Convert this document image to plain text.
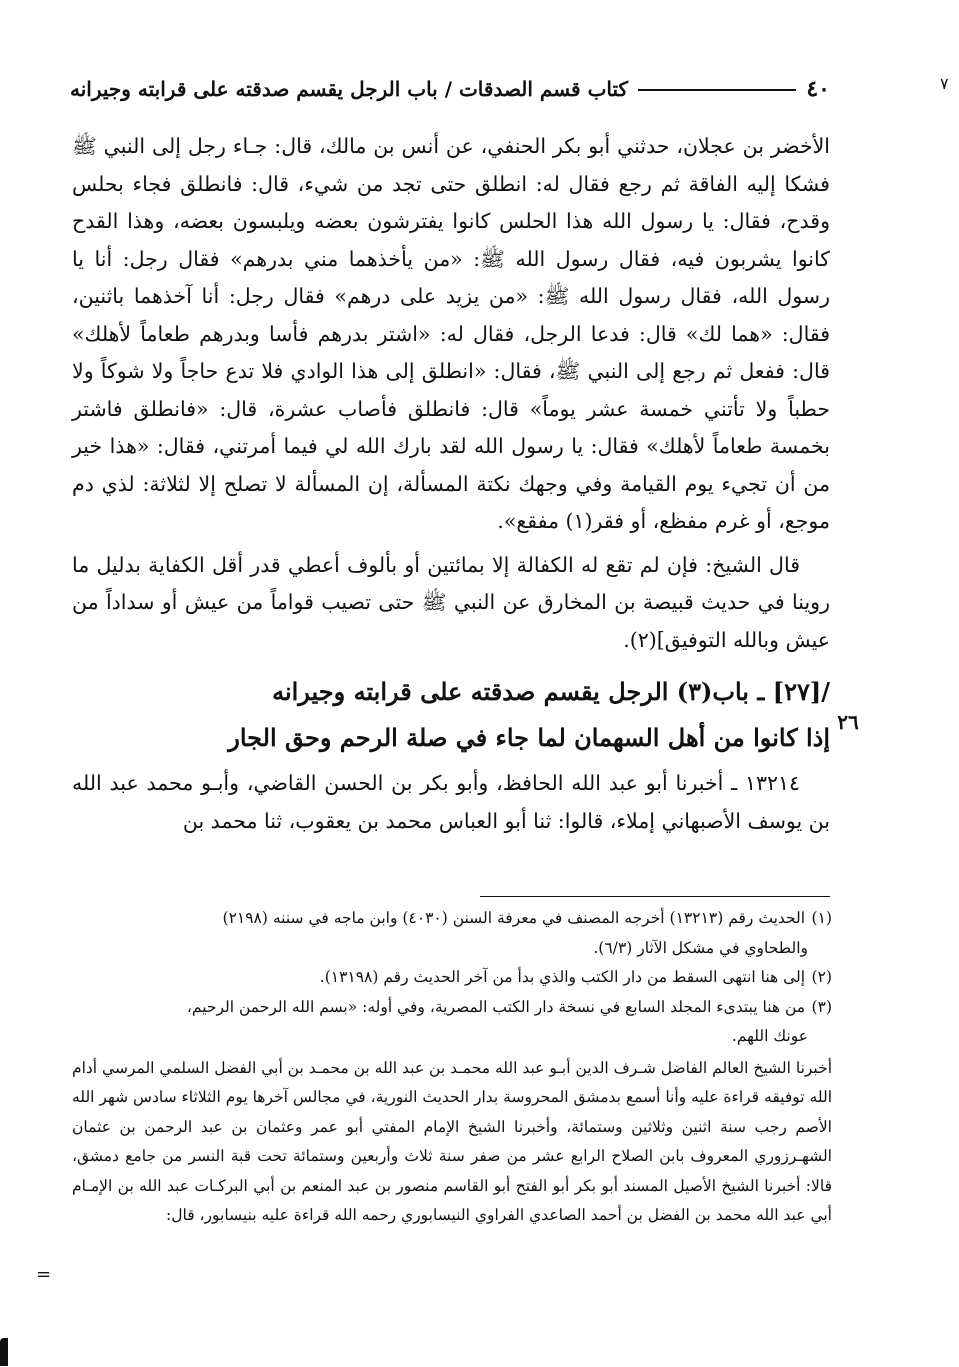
٤٠
كتاب قسم الصدقات / باب الرجل يقسم صدقته على قرابته وجيرانه	٧

الأخضر بن عجلان، حدثني أبو بكر الحنفي، عن أنس بن مالك، قال: جـاء رجل إلى النبي ﷺ فشكا إليه الفاقة ثم رجع فقال له: انطلق حتى تجد من شيء، قال: فانطلق فجاء بحلس وقدح، فقال: يا رسول الله هذا الحلس كانوا يفترشون بعضه ويلبسون بعضه، وهذا القدح كانوا يشربون فيه، فقال رسول الله ﷺ: «من يأخذهما مني بدرهم» فقال رجل: أنا يا رسول الله، فقال رسول الله ﷺ: «من يزيد على درهم» فقال رجل: أنا آخذهما باثنين، فقال: «هما لك» قال: فدعا الرجل، فقال له: «اشتر بدرهم فأسا وبدرهم طعاماً لأهلك» قال: ففعل ثم رجع إلى النبي ﷺ، فقال: «انطلق إلى هذا الوادي فلا تدع حاجاً ولا شوكاً ولا حطباً ولا تأتني خمسة عشر يوماً» قال: فانطلق فأصاب عشرة، قال: «فانطلق فاشتر بخمسة طعاماً لأهلك» فقال: يا رسول الله لقد بارك الله لي فيما أمرتني، فقال: «هذا خير من أن تجيء يوم القيامة وفي وجهك نكتة المسألة، إن المسألة لا تصلح إلا لثلاثة: لذي دم موجع، أو غرم مفظع، أو فقر(١) مفقع».

قال الشيخ: فإن لم تقع له الكفالة إلا بمائتين أو بألوف أعطي قدر أقل الكفاية بدليل ما روينا في حديث قبيصة بن المخارق عن النبي ﷺ حتى تصيب قواماً من عيش أو سداداً من عيش وبالله التوفيق](٢).

/[٢٧] ـ باب(٣) الرجل يقسم صدقته على قرابته وجيرانه
إذا كانوا من أهل السهمان لما جاء في صلة الرحم وحق الجار

١٣٢١٤ ـ أخبرنا أبو عبد الله الحافظ، وأبو بكر بن الحسن القاضي، وأبـو محمد عبد الله بن يوسف الأصبهاني إملاء، قالوا: ثنا أبو العباس محمد بن يعقوب، ثنا محمد بن

٢٦

(١) الحديث رقم (١٣٢١٣) أخرجه المصنف في معرفة السنن (٤٠٣٠) وابن ماجه في سننه (٢١٩٨)

والطحاوي في مشكل الآثار (٦/٣).

(٢) إلى هنا انتهى السقط من دار الكتب والذي بدأ من آخر الحديث رقم (١٣١٩٨).

(٣) من هنا يبتدىء المجلد السابع في نسخة دار الكتب المصرية، وفي أوله: «بسم الله الرحمن الرحيم،

عونك اللهم.

أخبرنا الشيخ العالم الفاضل شـرف الدين أبـو عبد الله محمـد بن عبد الله بن محمـد بن أبي الفضل السلمي المرسي أدام الله توفيقه قراءة عليه وأنا أسمع بدمشق المحروسة بدار الحديث النورية، في مجالس آخرها يوم الثلاثاء سادس شهر الله الأصم رجب سنة اثنين وثلاثين وستمائة، وأخبرنا الشيخ الإمام المفتي أبو عمر وعثمان بن عبد الرحمن بن عثمان الشهـرزوري المعروف بابن الصلاح الرابع عشر من صفر سنة ثلاث وأربعين وستمائة تحت قبة النسر من جامع دمشق، قالا: أخبرنا الشيخ الأصيل المسند أبو بكر أبو الفتح أبو القاسم منصور بن عبد المنعم بن أبي البركـات عبد الله بن الإمـام أبي عبد الله محمد بن الفضل بن أحمد الصاعدي الفراوي النيسابوري رحمه الله قراءة عليه بنيسابور، قال:

=
